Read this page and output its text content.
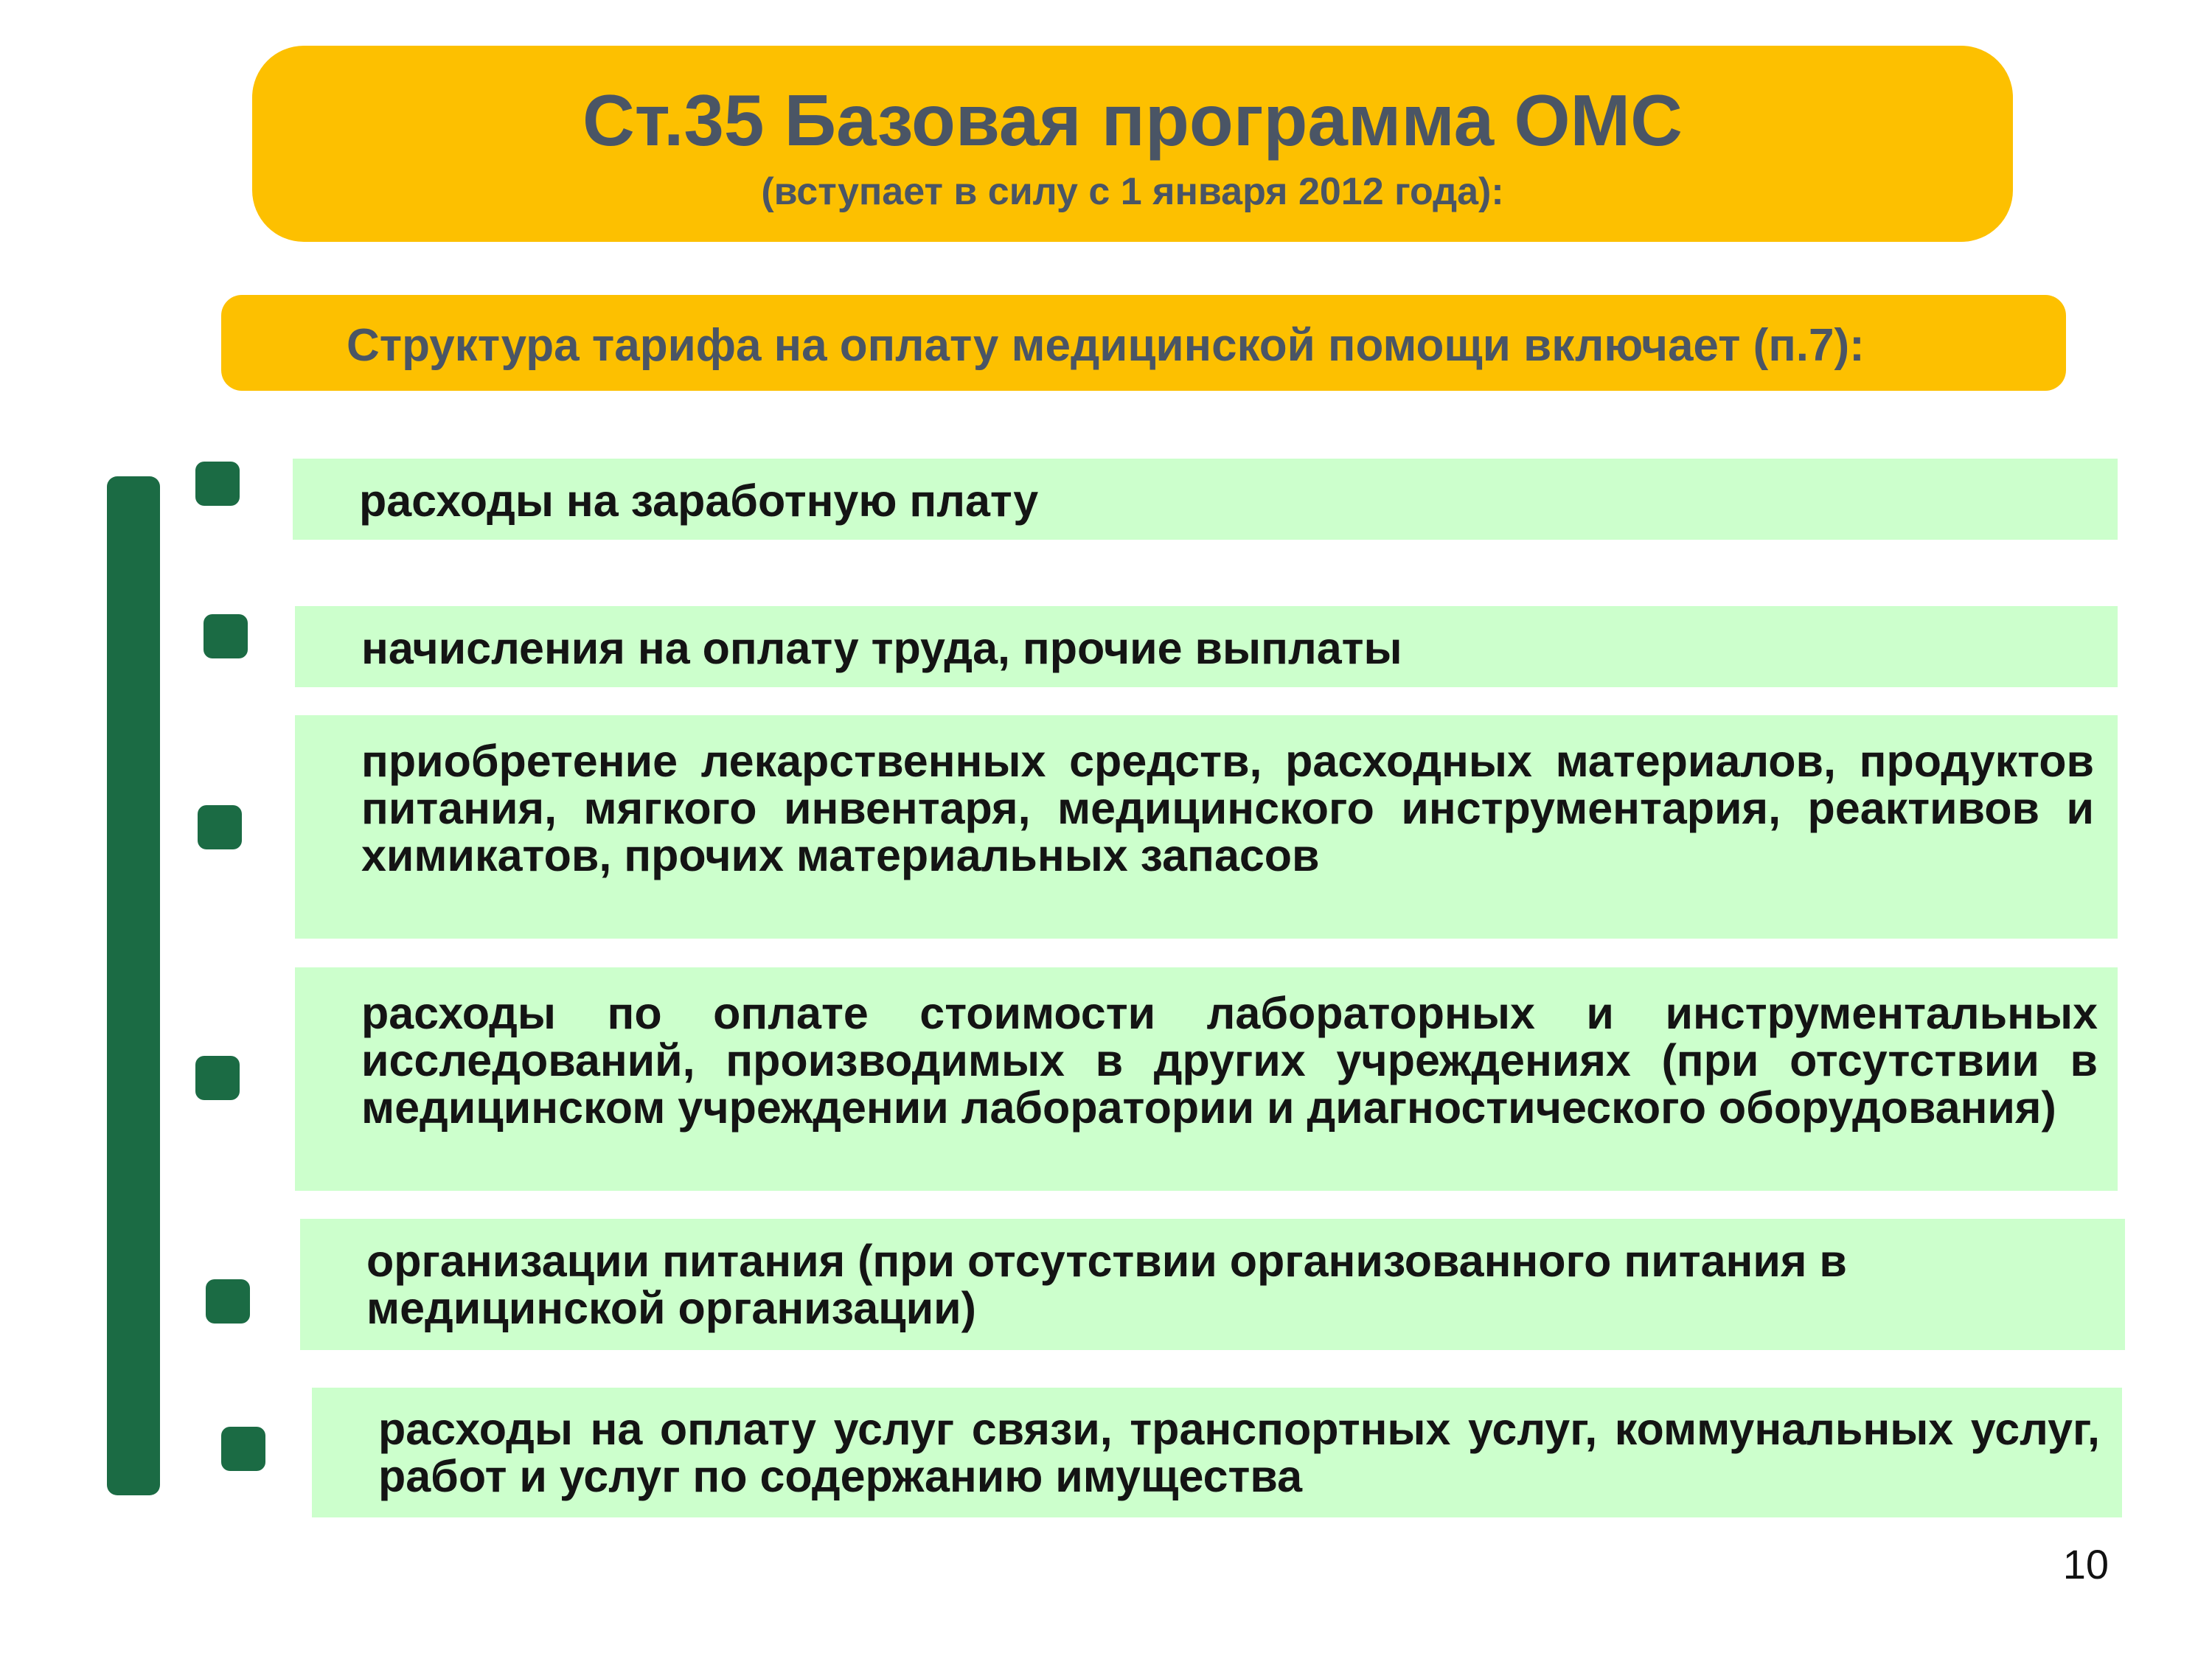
Ст.35 Базовая программа ОМС
(вступает в силу с 1 января 2012 года):
Структура тарифа на оплату медицинской помощи включает (п.7):
расходы на заработную плату
начисления на оплату труда, прочие выплаты
приобретение лекарственных средств, расходных материалов, продуктов питания, мягкого инвентаря, медицинского инструментария, реактивов и химикатов, прочих материальных запасов
расходы по оплате стоимости лабораторных и инструментальных исследований, производимых в других учреждениях (при отсутствии в медицинском учреждении лаборатории и диагностического оборудования)
организации питания (при отсутствии организованного питания в медицинской организации)
расходы на оплату услуг связи, транспортных услуг, коммунальных услуг, работ и услуг по содержанию имущества
10
